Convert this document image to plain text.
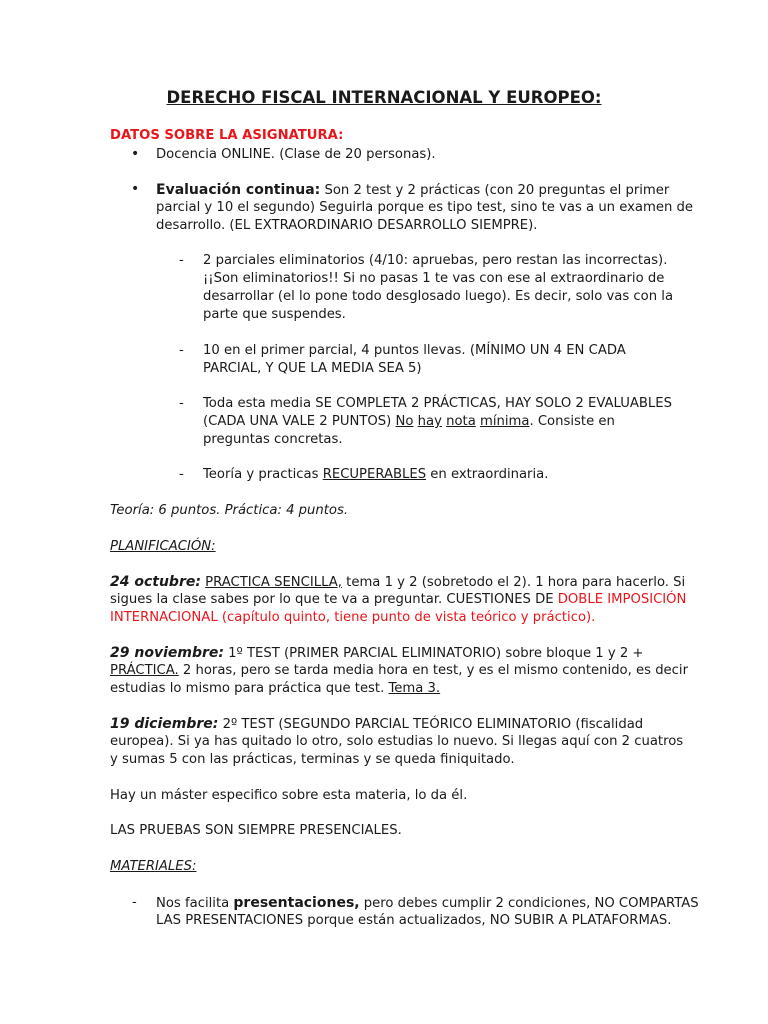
DERECHO FISCAL INTERNACIONAL Y EUROPEO:
DATOS SOBRE LA ASIGNATURA:
• Docencia ONLINE. (Clase de 20 personas).
• Evaluación continua: Son 2 test y 2 prácticas (con 20 preguntas el primer
parcial y 10 el segundo) Seguirla porque es tipo test, sino te vas a un examen de
desarrollo. (EL EXTRAORDINARIO DESARROLLO SIEMPRE).
- 2 parciales eliminatorios (4/10: apruebas, pero restan las incorrectas).
¡¡Son eliminatorios!! Si no pasas 1 te vas con ese al extraordinario de
desarrollar (el lo pone todo desglosado luego). Es decir, solo vas con la
parte que suspendes.
- 10 en el primer parcial, 4 puntos llevas. (MÍNIMO UN 4 EN CADA
PARCIAL, Y QUE LA MEDIA SEA 5)
- Toda esta media SE COMPLETA 2 PRÁCTICAS, HAY SOLO 2 EVALUABLES
(CADA UNA VALE 2 PUNTOS) No hay nota mínima. Consiste en
preguntas concretas.
- Teoría y practicas RECUPERABLES en extraordinaria.
Teoría: 6 puntos. Práctica: 4 puntos.
PLANIFICACIÓN:
24 octubre: PRACTICA SENCILLA, tema 1 y 2 (sobretodo el 2). 1 hora para hacerlo. Si
sigues la clase sabes por lo que te va a preguntar. CUESTIONES DE DOBLE IMPOSICIÓN
INTERNACIONAL (capítulo quinto, tiene punto de vista teórico y práctico).
29 noviembre: 1º TEST (PRIMER PARCIAL ELIMINATORIO) sobre bloque 1 y 2 +
PRÁCTICA. 2 horas, pero se tarda media hora en test, y es el mismo contenido, es decir
estudias lo mismo para práctica que test. Tema 3.
19 diciembre: 2º TEST (SEGUNDO PARCIAL TEÓRICO ELIMINATORIO (fiscalidad
europea). Si ya has quitado lo otro, solo estudias lo nuevo. Si llegas aquí con 2 cuatros
y sumas 5 con las prácticas, terminas y se queda finiquitado.
Hay un máster especifico sobre esta materia, lo da él.
LAS PRUEBAS SON SIEMPRE PRESENCIALES.
MATERIALES:
- Nos facilita presentaciones, pero debes cumplir 2 condiciones, NO COMPARTAS
LAS PRESENTACIONES porque están actualizados, NO SUBIR A PLATAFORMAS.
